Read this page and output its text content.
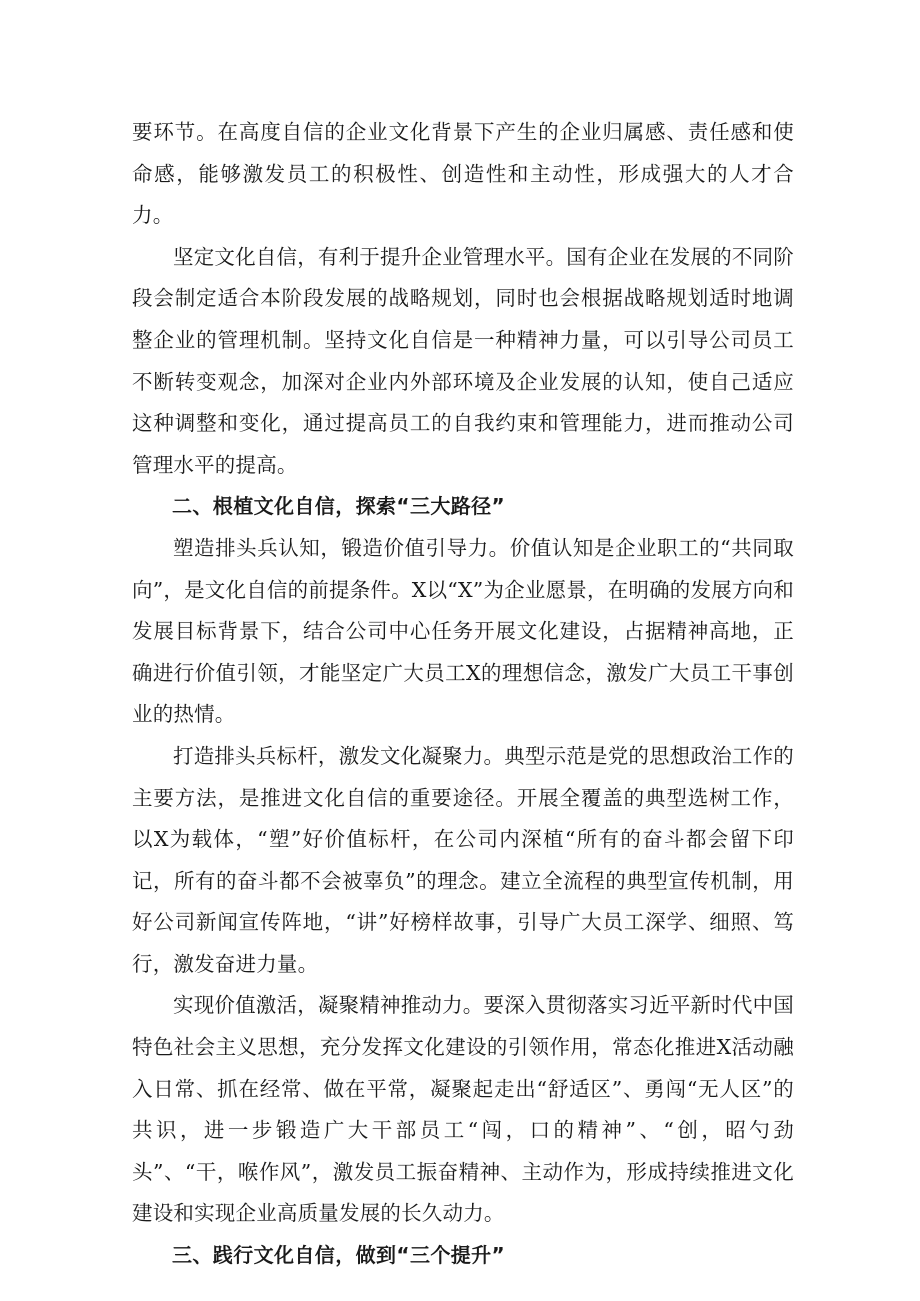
要环节。在高度自信的企业文化背景下产生的企业归属感、责任感和使命感，能够激发员工的积极性、创造性和主动性，形成强大的人才合力。

坚定文化自信，有利于提升企业管理水平。国有企业在发展的不同阶段会制定适合本阶段发展的战略规划，同时也会根据战略规划适时地调整企业的管理机制。坚持文化自信是一种精神力量，可以引导公司员工不断转变观念，加深对企业内外部环境及企业发展的认知，使自己适应这种调整和变化，通过提高员工的自我约束和管理能力，进而推动公司管理水平的提高。

二、根植文化自信，探索“三大路径”

塑造排头兵认知，锻造价值引导力。价值认知是企业职工的“共同取向”，是文化自信的前提条件。X以“X”为企业愿景，在明确的发展方向和发展目标背景下，结合公司中心任务开展文化建设，占据精神高地，正确进行价值引领，才能坚定广大员工X的理想信念，激发广大员工干事创业的热情。

打造排头兵标杆，激发文化凝聚力。典型示范是党的思想政治工作的主要方法，是推进文化自信的重要途径。开展全覆盖的典型选树工作，以X为载体，“塑”好价值标杆，在公司内深植“所有的奋斗都会留下印记，所有的奋斗都不会被辜负”的理念。建立全流程的典型宣传机制，用好公司新闻宣传阵地，“讲”好榜样故事，引导广大员工深学、细照、笃行，激发奋进力量。

实现价值激活，凝聚精神推动力。要深入贯彻落实习近平新时代中国特色社会主义思想，充分发挥文化建设的引领作用，常态化推进X活动融入日常、抓在经常、做在平常，凝聚起走出“舒适区”、勇闯“无人区”的共识，进一步锻造广大干部员工“闯，口的精神”、“创，昭勺劲头”、“干，喉作风”，激发员工振奋精神、主动作为，形成持续推进文化建设和实现企业高质量发展的长久动力。

三、践行文化自信，做到“三个提升”
